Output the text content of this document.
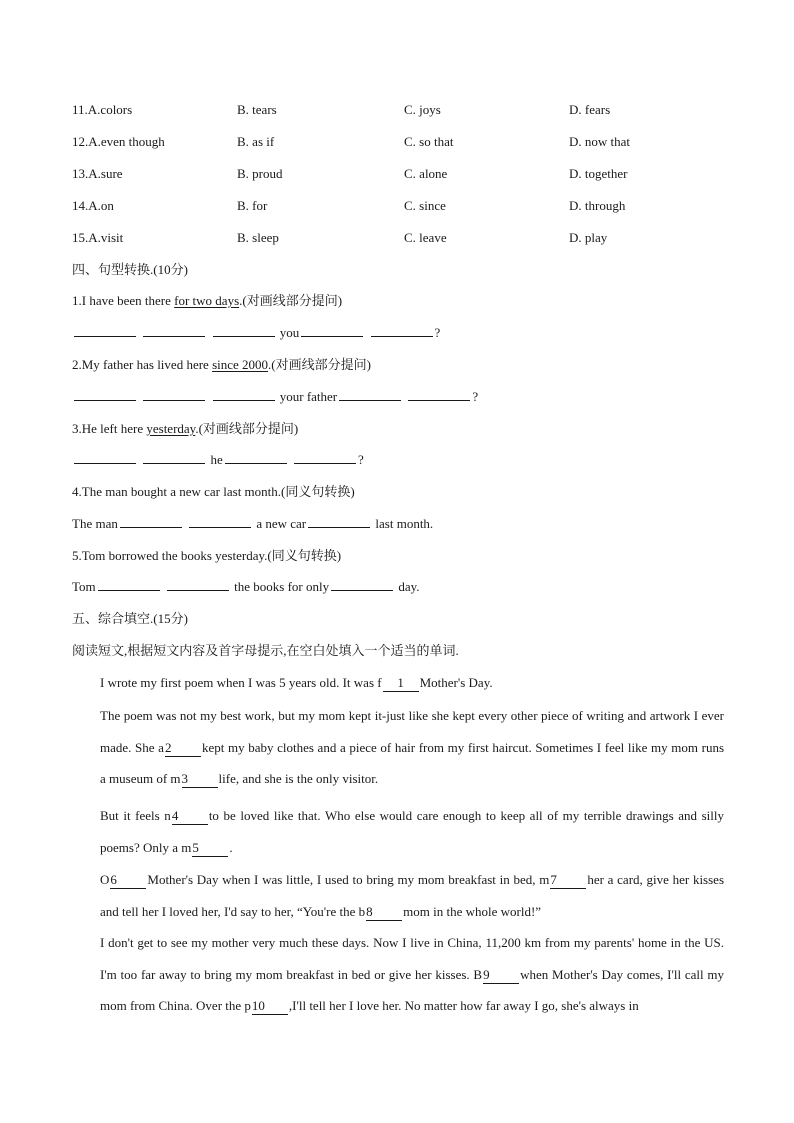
11.A.colors	B. tears	C. joys	D. fears
12.A.even though	B. as if	C. so that	D. now that
13.A.sure	B. proud	C. alone	D. together
14.A.on	B. for	C. since	D. through
15.A.visit	B. sleep	C. leave	D. play
四、句型转换.(10分)
1.I have been there for two days.(对画线部分提问)
you	?
2.My father has lived here since 2000.(对画线部分提问)
your father	?
3.He left here yesterday.(对画线部分提问)
he	?
4.The man bought a new car last month.(同义句转换)
The man	a new car	last month.
5.Tom borrowed the books yesterday.(同义句转换)
Tom	the books for only	day.
五、综合填空.(15分)
阅读短文,根据短文内容及首字母提示,在空白处填入一个适当的单词.
I wrote my first poem when I was 5 years old. It was f 1 Mother's Day.
The poem was not my best work, but my mom kept it-just like she kept every other piece of writing and artwork I ever made. She a2 kept my baby clothes and a piece of hair from my first haircut. Sometimes I feel like my mom runs a museum of m3 life, and she is the only visitor.
But it feels n4 to be loved like that. Who else would care enough to keep all of my terrible drawings and silly poems? Only a m5 .
O6 Mother's Day when I was little, I used to bring my mom breakfast in bed, m7 her a card, give her kisses and tell her I loved her, I'd say to her, “You're the b8 mom in the whole world!”
I don't get to see my mother very much these days. Now I live in China, 11,200 km from my parents' home in the US. I'm too far away to bring my mom breakfast in bed or give her kisses. B9 when Mother's Day comes, I'll call my mom from China. Over the p10 ,I'll tell her I love her. No matter how far away I go, she's always in
